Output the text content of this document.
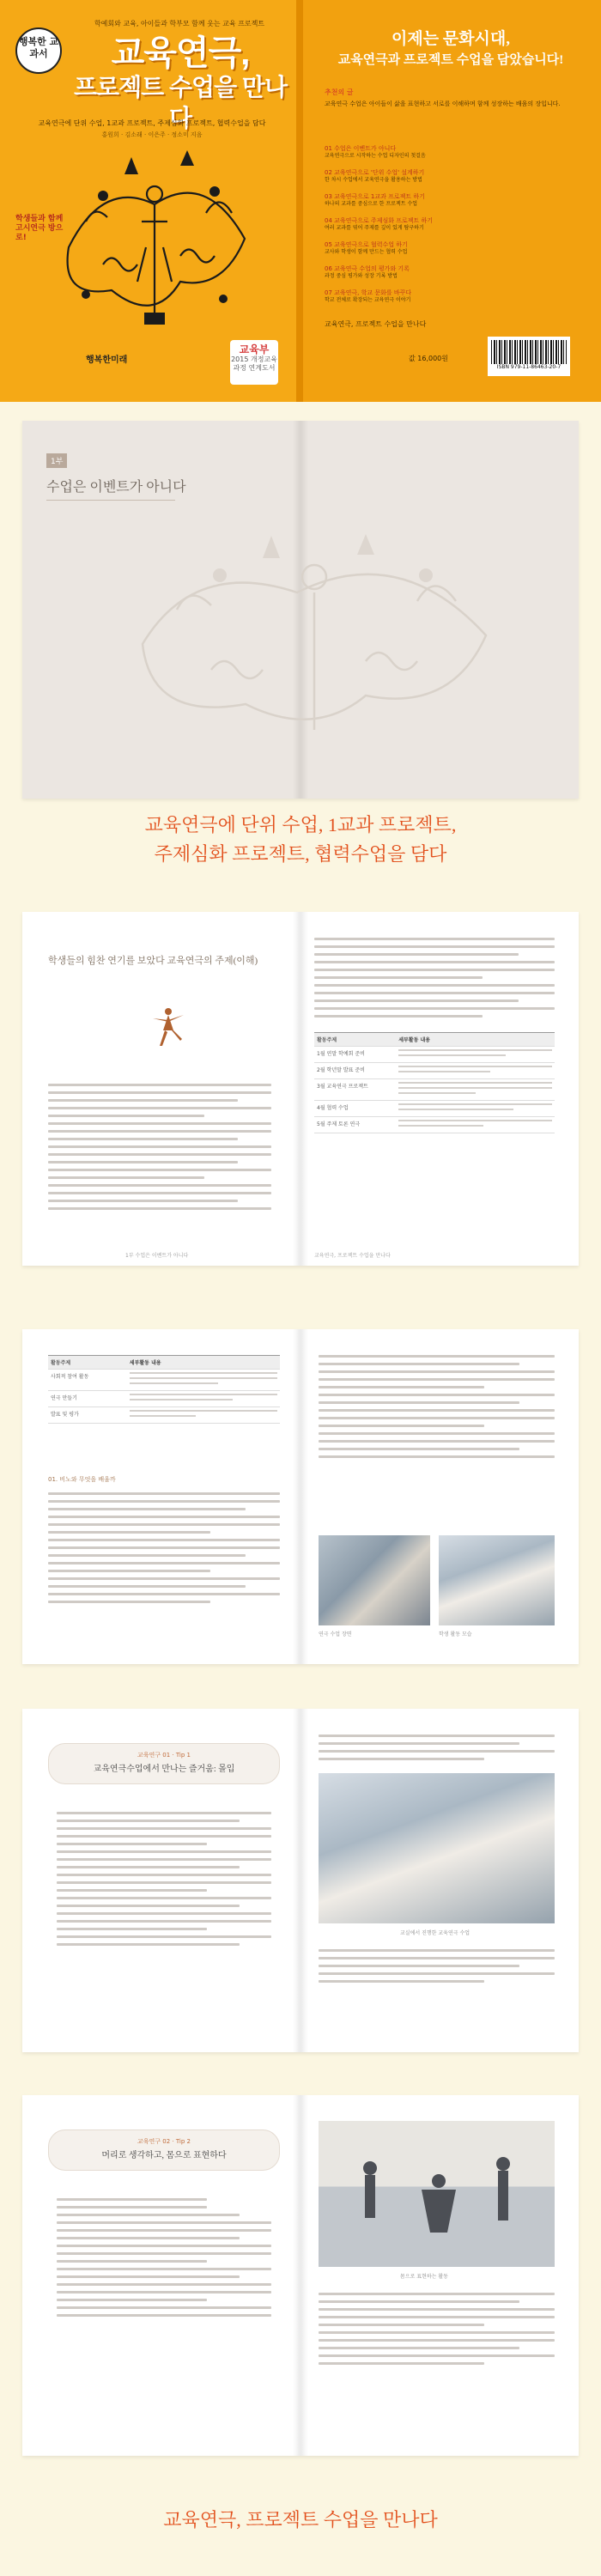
행복한 교과서
학예회와 교육, 아이들과 학부모 함께 웃는 교육 프로젝트
교육연극,
프로젝트 수업을 만나다
교육연극에 단위 수업, 1교과 프로젝트, 주제심화 프로젝트, 협력수업을 담다
홍원희 · 김소래 · 이은주 · 정소미 지음
학생들과 함께 고시연극 방으로!
행복한미래
교육부
2015 개정교육과정 연계도서
이제는 문화시대,
교육연극과 프로젝트 수업을 담았습니다!
추천의 글
교육연극 수업은 아이들이 삶을 표현하고 서로를 이해하며 함께 성장하는 배움의 장입니다.
01 수업은 이벤트가 아니다
교육연극으로 시작하는 수업 디자인의 첫걸음
02 교육연극으로 '단위 수업' 설계하기
한 차시 수업에서 교육연극을 활용하는 방법
03 교육연극으로 1교과 프로젝트 하기
하나의 교과를 중심으로 한 프로젝트 수업
04 교육연극으로 주제심화 프로젝트 하기
여러 교과를 엮어 주제를 깊이 있게 탐구하기
05 교육연극으로 협력수업 하기
교사와 학생이 함께 만드는 협력 수업
06 교육연극 수업의 평가와 기록
과정 중심 평가와 성장 기록 방법
07 교육연극, 학교 문화를 바꾸다
학교 전체로 확장되는 교육연극 이야기
교육연극, 프로젝트 수업을 만나다
값 16,000원
ISBN 979-11-86463-20-7
1부
수업은 이벤트가 아니다
교육연극에 단위 수업, 1교과 프로젝트,
주제심화 프로젝트, 협력수업을 담다
학생들의 힘찬 연기를 보았다 교육연극의 주제(이해)
1부 수업은 이벤트가 아니다
활동주제	세부활동 내용
1월 연말 학예회 준비
2월 학년말 발표 준비
3월 교육연극 프로젝트
4월 협력 수업
5월 주제 토론 연극
교육연극, 프로젝트 수업을 만나다
활동주제	세부활동 내용
사회적 참여 활동
연극 만들기
발표 및 평가
01. 비노와 무엇을 배울까
연극 수업 장면	학생 활동 모습
교육연구 01 · Tip 1
교육연극수업에서 만나는 즐거움: 몰입
교실에서 진행한 교육연극 수업
교육연구 02 · Tip 2
머리로 생각하고, 몸으로 표현하다
몸으로 표현하는 활동
교육연극, 프로젝트 수업을 만나다
